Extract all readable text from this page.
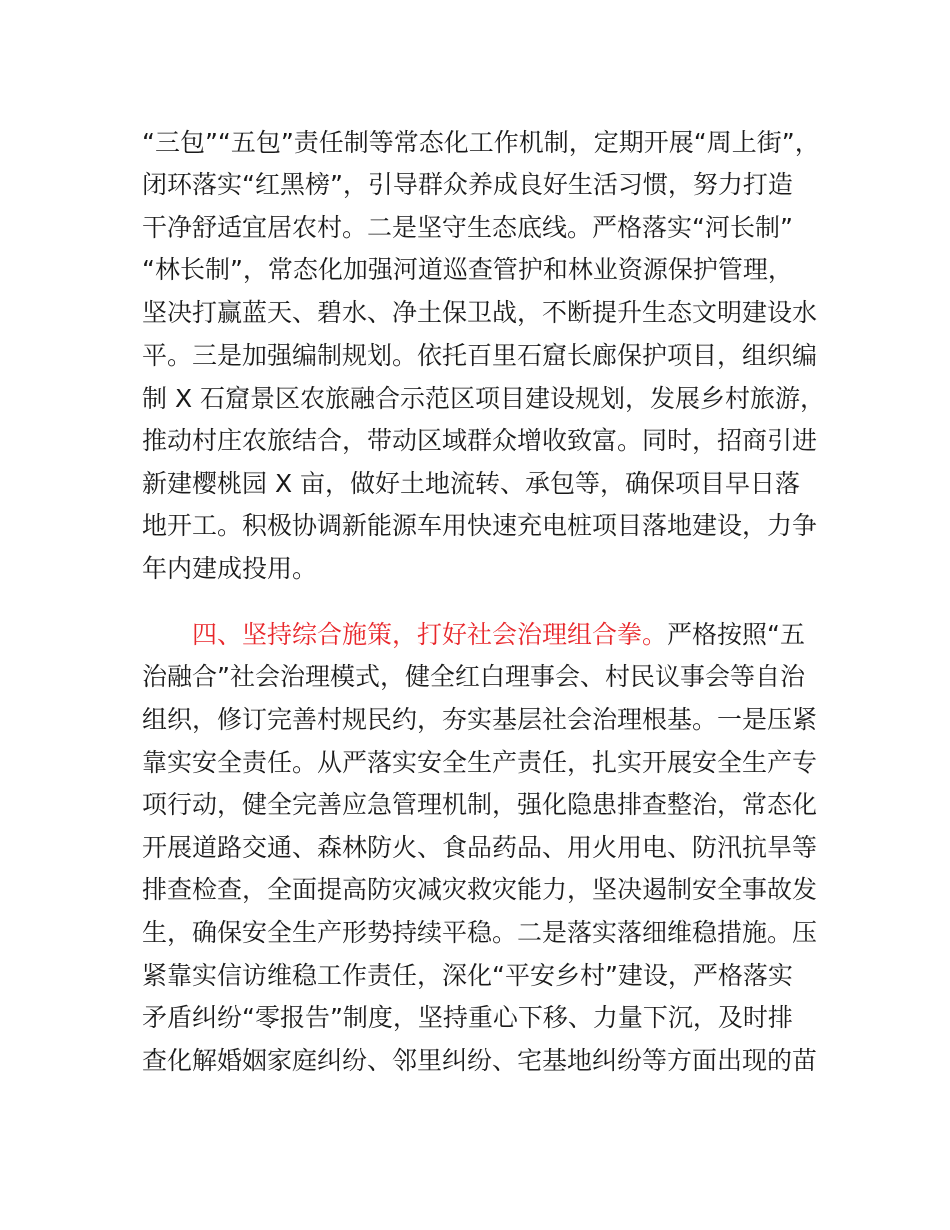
“三包”“五包”责任制等常态化工作机制，定期开展“周上街”，
闭环落实“红黑榜”，引导群众养成良好生活习惯，努力打造
干净舒适宜居农村。二是坚守生态底线。严格落实“河长制”
“林长制”，常态化加强河道巡查管护和林业资源保护管理，
坚决打赢蓝天、碧水、净土保卫战，不断提升生态文明建设水
平。三是加强编制规划。依托百里石窟长廊保护项目，组织编
制 X 石窟景区农旅融合示范区项目建设规划，发展乡村旅游，
推动村庄农旅结合，带动区域群众增收致富。同时，招商引进
新建樱桃园 X 亩，做好土地流转、承包等，确保项目早日落
地开工。积极协调新能源车用快速充电桩项目落地建设，力争
年内建成投用。
四、坚持综合施策，打好社会治理组合拳。严格按照“五
治融合”社会治理模式，健全红白理事会、村民议事会等自治
组织，修订完善村规民约，夯实基层社会治理根基。一是压紧
靠实安全责任。从严落实安全生产责任，扎实开展安全生产专
项行动，健全完善应急管理机制，强化隐患排查整治，常态化
开展道路交通、森林防火、食品药品、用火用电、防汛抗旱等
排查检查，全面提高防灾减灾救灾能力，坚决遏制安全事故发
生，确保安全生产形势持续平稳。二是落实落细维稳措施。压
紧靠实信访维稳工作责任，深化“平安乡村”建设，严格落实
矛盾纠纷“零报告”制度，坚持重心下移、力量下沉，及时排
查化解婚姻家庭纠纷、邻里纠纷、宅基地纠纷等方面出现的苗
